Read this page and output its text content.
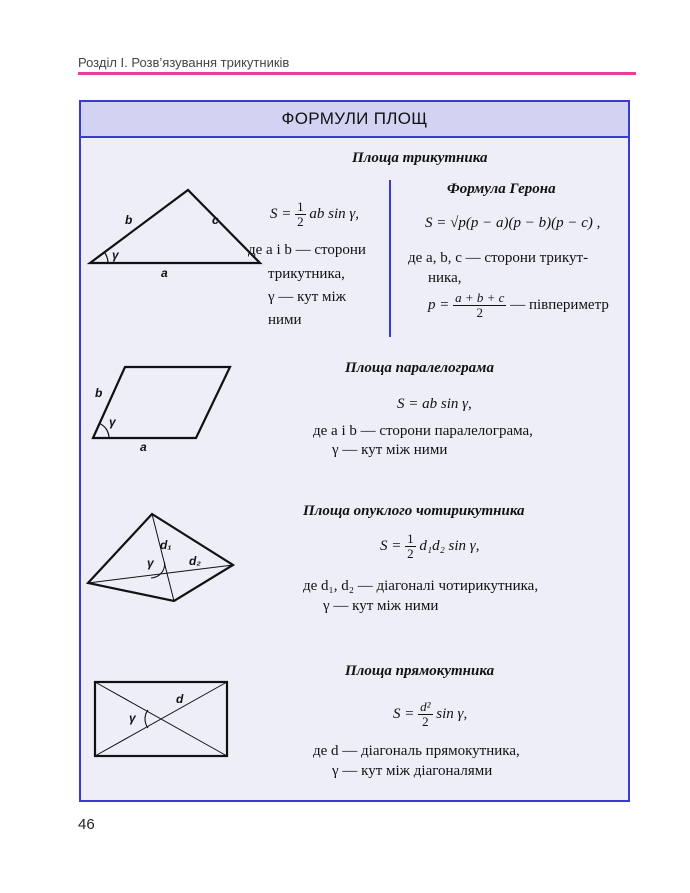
Розділ I. Розв’язування трикутників
ФОРМУЛИ ПЛОЩ
Площа трикутника
b	c
a
γ
$S = \frac{1}{2}$ ab sin γ,
де a і b — сторони
трикутника,
γ — кут між
ними
Формула Герона
S = √p(p − a)(p − b)(p − c) ,
де a, b, c — сторони трикут-
ника,
$p = \frac{a + b + c}{2}$ — півпериметр
Площа паралелограма
b
a
γ
S = ab sin γ,
де a і b — сторони паралелограма,
γ — кут між ними
Площа опуклого чотирикутника
d₁
d₂
γ
$S = \frac{1}{2} d_1d_2$ sin γ,
де d₁, d₂ — діагоналі чотирикутника,
γ — кут між ними
Площа прямокутника
d
γ	$S = \frac{\text{d²}}{2}$ sin γ,
де d — діагональ прямокутника,
γ — кут між діагоналями
46
